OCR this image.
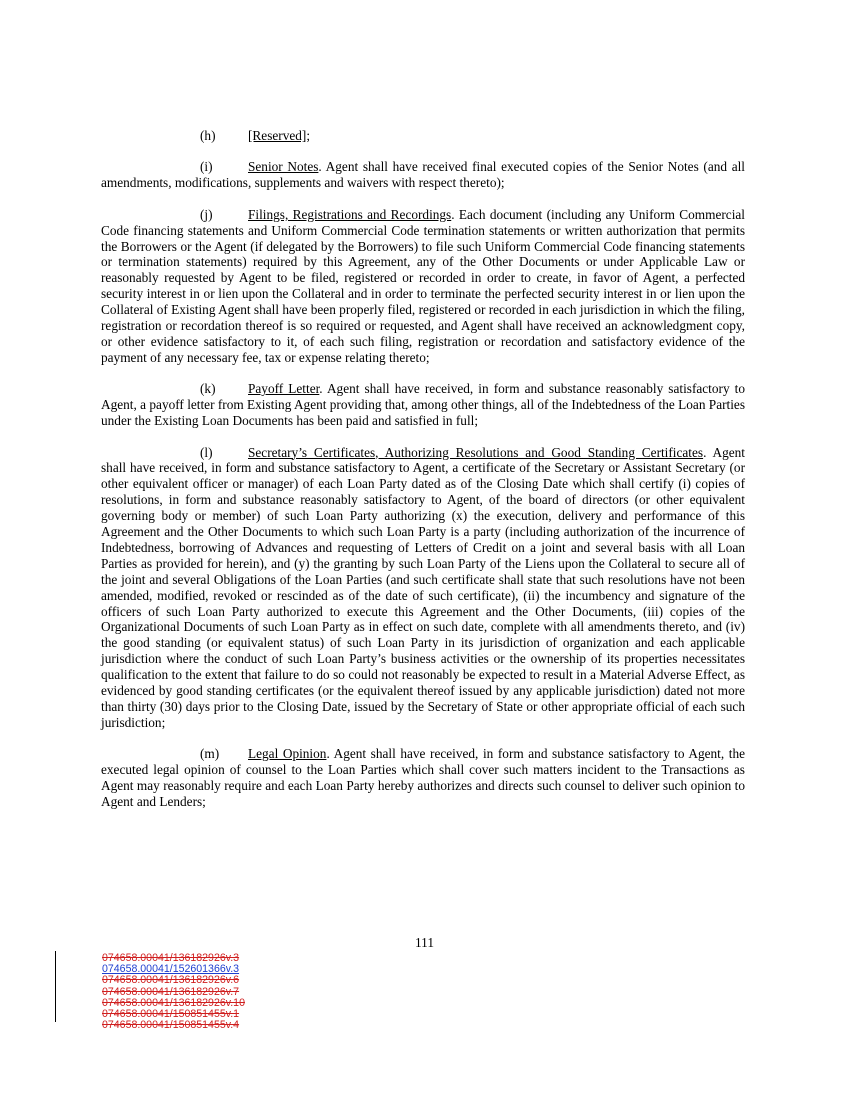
(h) [Reserved];

(i)	Senior Notes. Agent shall have received final executed copies of the Senior Notes (and all amendments, modifications, supplements and waivers with respect thereto);

(j)	Filings, Registrations and Recordings. Each document (including any Uniform Commercial Code financing statements and Uniform Commercial Code termination statements or written authorization that permits the Borrowers or the Agent (if delegated by the Borrowers) to file such Uniform Commercial Code financing statements or termination statements) required by this Agreement, any of the Other Documents or under Applicable Law or reasonably requested by Agent to be filed, registered or recorded in order to create, in favor of Agent, a perfected security interest in or lien upon the Collateral and in order to terminate the perfected security interest in or lien upon the Collateral of Existing Agent shall have been properly filed, registered or recorded in each jurisdiction in which the filing, registration or recordation thereof is so required or requested, and Agent shall have received an acknowledgment copy, or other evidence satisfactory to it, of each such filing, registration or recordation and satisfactory evidence of the payment of any necessary fee, tax or expense relating thereto;

(k) Payoff Letter. Agent shall have received, in form and substance reasonably satisfactory to Agent, a payoff letter from Existing Agent providing that, among other things, all of the Indebtedness of the Loan Parties under the Existing Loan Documents has been paid and satisfied in full;

(l)	Secretary’s Certificates, Authorizing Resolutions and Good Standing Certificates. Agent shall have received, in form and substance satisfactory to Agent, a certificate of the Secretary or Assistant Secretary (or other equivalent officer or manager) of each Loan Party dated as of the Closing Date which shall certify (i) copies of resolutions, in form and substance reasonably satisfactory to Agent, of the board of directors (or other equivalent governing body or member) of such Loan Party authorizing (x) the execution, delivery and performance of this Agreement and the Other Documents to which such Loan Party is a party (including authorization of the incurrence of Indebtedness, borrowing of Advances and requesting of Letters of Credit on a joint and several basis with all Loan Parties as provided for herein), and (y) the granting by such Loan Party of the Liens upon the Collateral to secure all of the joint and several Obligations of the Loan Parties (and such certificate shall state that such resolutions have not been amended, modified, revoked or rescinded as of the date of such certificate), (ii) the incumbency and signature of the officers of such Loan Party authorized to execute this Agreement and the Other Documents, (iii) copies of the Organizational Documents of such Loan Party as in effect on such date, complete with all amendments thereto, and (iv) the good standing (or equivalent status) of such Loan Party in its jurisdiction of organization and each applicable jurisdiction where the conduct of such Loan Party’s business activities or the ownership of its properties necessitates qualification to the extent that failure to do so could not reasonably be expected to result in a Material Adverse Effect, as evidenced by good standing certificates (or the equivalent thereof issued by any applicable jurisdiction) dated not more than thirty (30) days prior to the Closing Date, issued by the Secretary of State or other appropriate official of each such jurisdiction;

(m) Legal Opinion. Agent shall have received, in form and substance satisfactory to Agent, the executed legal opinion of counsel to the Loan Parties which shall cover such matters incident to the Transactions as Agent may reasonably require and each Loan Party hereby authorizes and directs such counsel to deliver such opinion to Agent and Lenders;

111
074658.00041/136182926v.3
074658.00041/152601366v.3
074658.00041/136182926v.6
074658.00041/136182926v.7
074658.00041/136182926v.10
074658.00041/150851455v.1
074658.00041/150851455v.4
